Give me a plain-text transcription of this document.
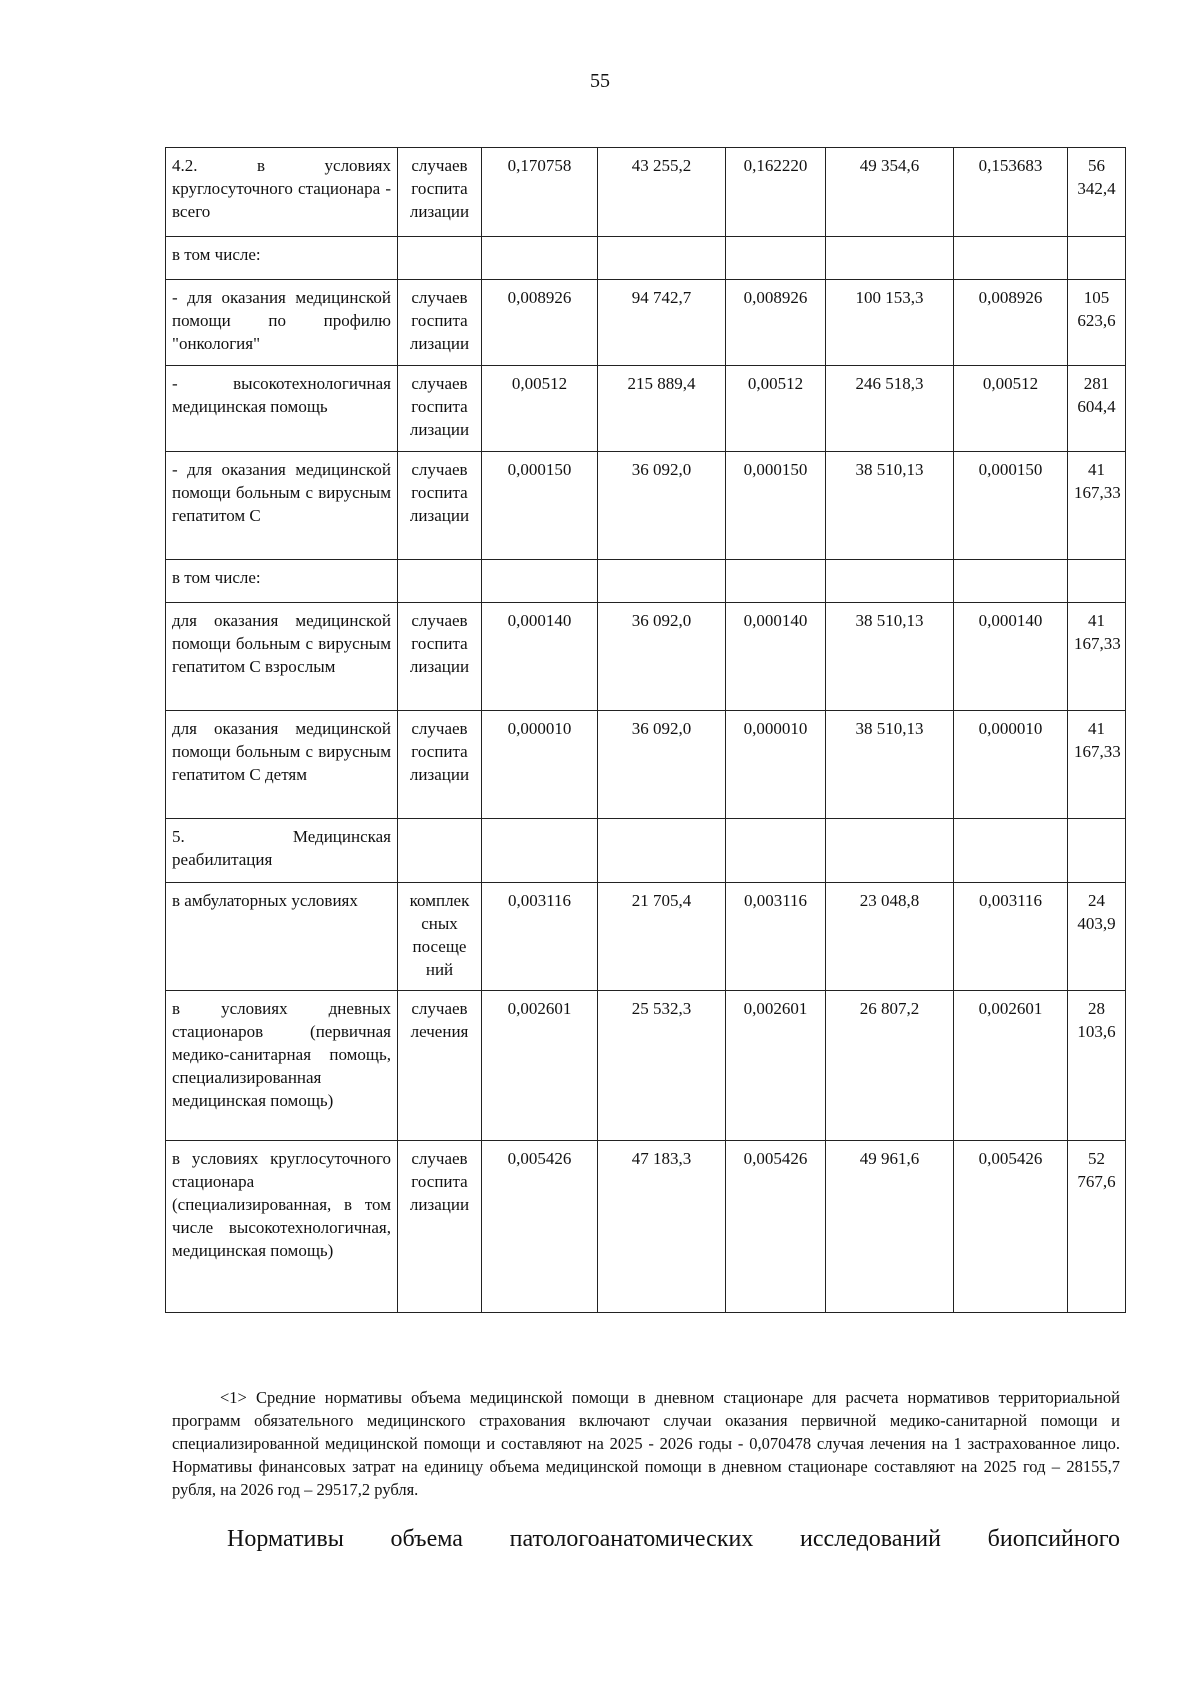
55
4.2. в условиях круглосуточного стационара - всего	случаев госпита лизации	0,170758	43 255,2	0,162220	49 354,6	0,153683	56 342,4
в том числе:							
- для оказания медицинской помощи по профилю "онкология"	случаев госпита лизации	0,008926	94 742,7	0,008926	100 153,3	0,008926	105 623,6
- высокотехнологичная медицинская помощь	случаев госпита лизации	0,00512	215 889,4	0,00512	246 518,3	0,00512	281 604,4
- для оказания медицинской помощи больным с вирусным гепатитом С	случаев госпита лизации	0,000150	36 092,0	0,000150	38 510,13	0,000150	41 167,33
в том числе:							
для оказания медицинской помощи больным с вирусным гепатитом С взрослым	случаев госпита лизации	0,000140	36 092,0	0,000140	38 510,13	0,000140	41 167,33
для оказания медицинской помощи больным с вирусным гепатитом С детям	случаев госпита лизации	0,000010	36 092,0	0,000010	38 510,13	0,000010	41 167,33
5. Медицинская реабилитация							
в амбулаторных условиях	комплек сных посеще ний	0,003116	21 705,4	0,003116	23 048,8	0,003116	24 403,9
в условиях дневных стационаров (первичная медико-санитарная помощь, специализированная медицинская помощь)	случаев лечения	0,002601	25 532,3	0,002601	26 807,2	0,002601	28 103,6
в условиях круглосуточного стационара (специализированная, в том числе высокотехнологичная, медицинская помощь)	случаев госпита лизации	0,005426	47 183,3	0,005426	49 961,6	0,005426	52 767,6
<1> Средние нормативы объема медицинской помощи в дневном стационаре для расчета нормативов территориальной программ обязательного медицинского страхования включают случаи оказания первичной медико-санитарной помощи и специализированной медицинской помощи и составляют на 2025 - 2026 годы - 0,070478 случая лечения на 1 застрахованное лицо. Нормативы финансовых затрат на единицу объема медицинской помощи в дневном стационаре составляют на 2025 год – 28155,7 рубля, на 2026 год – 29517,2 рубля.
Нормативы объема патологоанатомических исследований биопсийного
